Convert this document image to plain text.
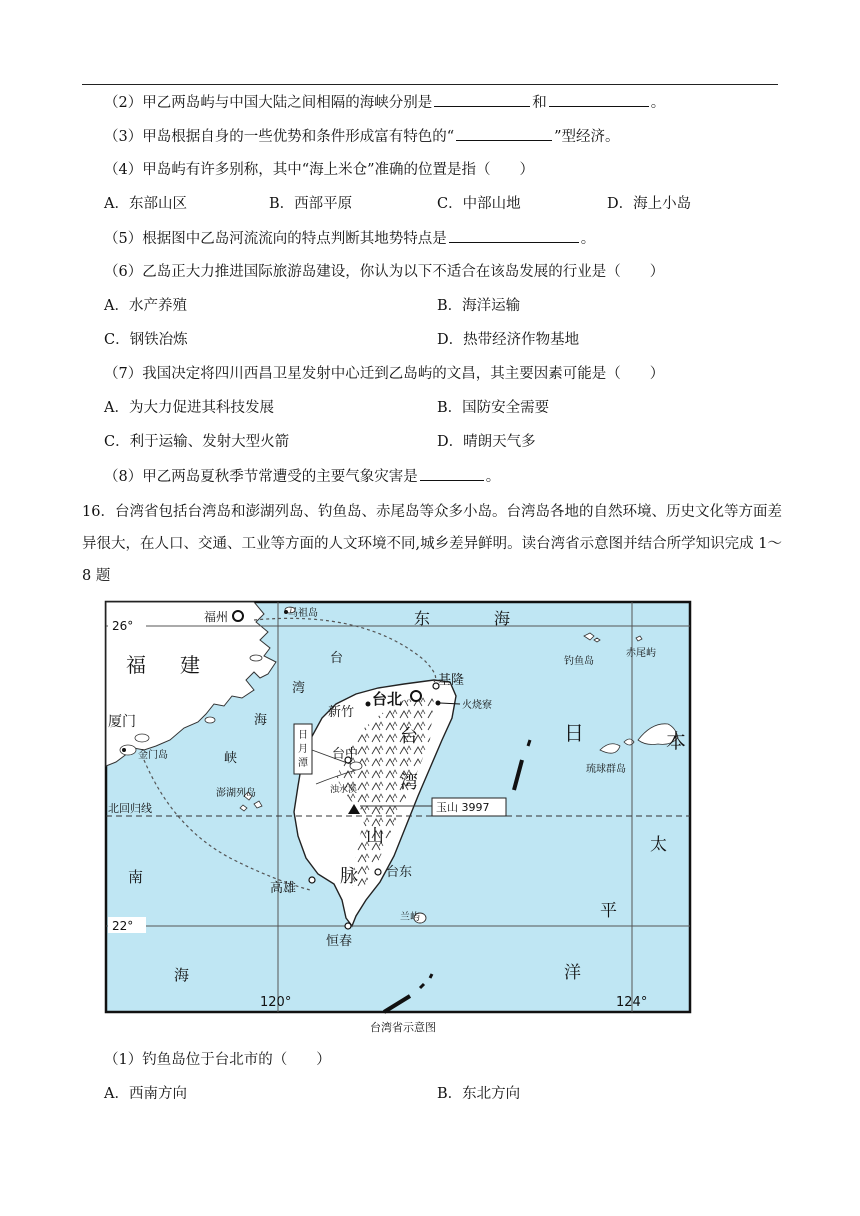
（2）甲乙两岛屿与中国大陆之间相隔的海峡分别是	和	。
（3）甲岛根据自身的一些优势和条件形成富有特色的“	”型经济。
（4）甲岛屿有许多别称，其中“海上米仓”准确的位置是指（　　）
A．东部山区	B．西部平原	C．中部山地	D．海上小岛
（5）根据图中乙岛河流流向的特点判断其地势特点是	。
（6）乙岛正大力推进国际旅游岛建设，你认为以下不适合在该岛发展的行业是（　　）
A．水产养殖	B．海洋运输
C．钢铁冶炼	D．热带经济作物基地
（7）我国决定将四川西昌卫星发射中心迁到乙岛屿的文昌，其主要因素可能是（　　）
A．为大力促进其科技发展	B．国防安全需要
C．利于运输、发射大型火箭	D．晴朗天气多
（8）甲乙两岛夏秋季节常遭受的主要气象灾害是	。
16．台湾省包括台湾岛和澎湖列岛、钓鱼岛、赤尾岛等众多小岛。台湾岛各地的自然环境、历史文化等方面差异很大，在人口、交通、工业等方面的人文环境不同,城乡差异鲜明。读台湾省示意图并结合所学知识完成 1～8 题
26°
22°
120°	124°
北回归线
福州
厦门
台北
基隆
新竹
台中
高雄
台东
恒春
马祖岛
金门岛
澎湖列岛
钓鱼岛
赤尾屿
琉球群岛
兰屿
火烧寮
浊水溪
日
月
潭
玉山 3997
福 建	台
湾
海
峡
东	海
日	本
太
平
洋
南
海
台
湾
山
脉
台湾省示意图
（1）钓鱼岛位于台北市的（　　）
A．西南方向	B．东北方向
